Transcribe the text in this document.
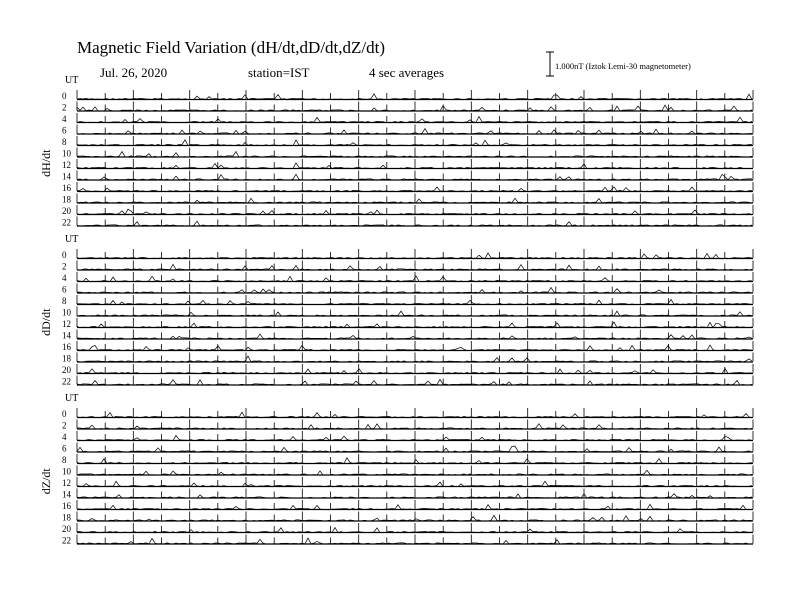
Magnetic Field Variation (dH/dt,dD/dt,dZ/dt)
Jul. 26, 2020	station=IST	4 sec averages	1.000nT (Iztok Lemi-30 magnetometer)
UT
dH/dt
0
2
4
6
8
10
12
14
16
18
20
22
UT
dD/dt
0
2
4
6
8
10
12
14
16
18
20
22
UT
dZ/dt
0
2
4
6
8
10
12
14
16
18
20
22
